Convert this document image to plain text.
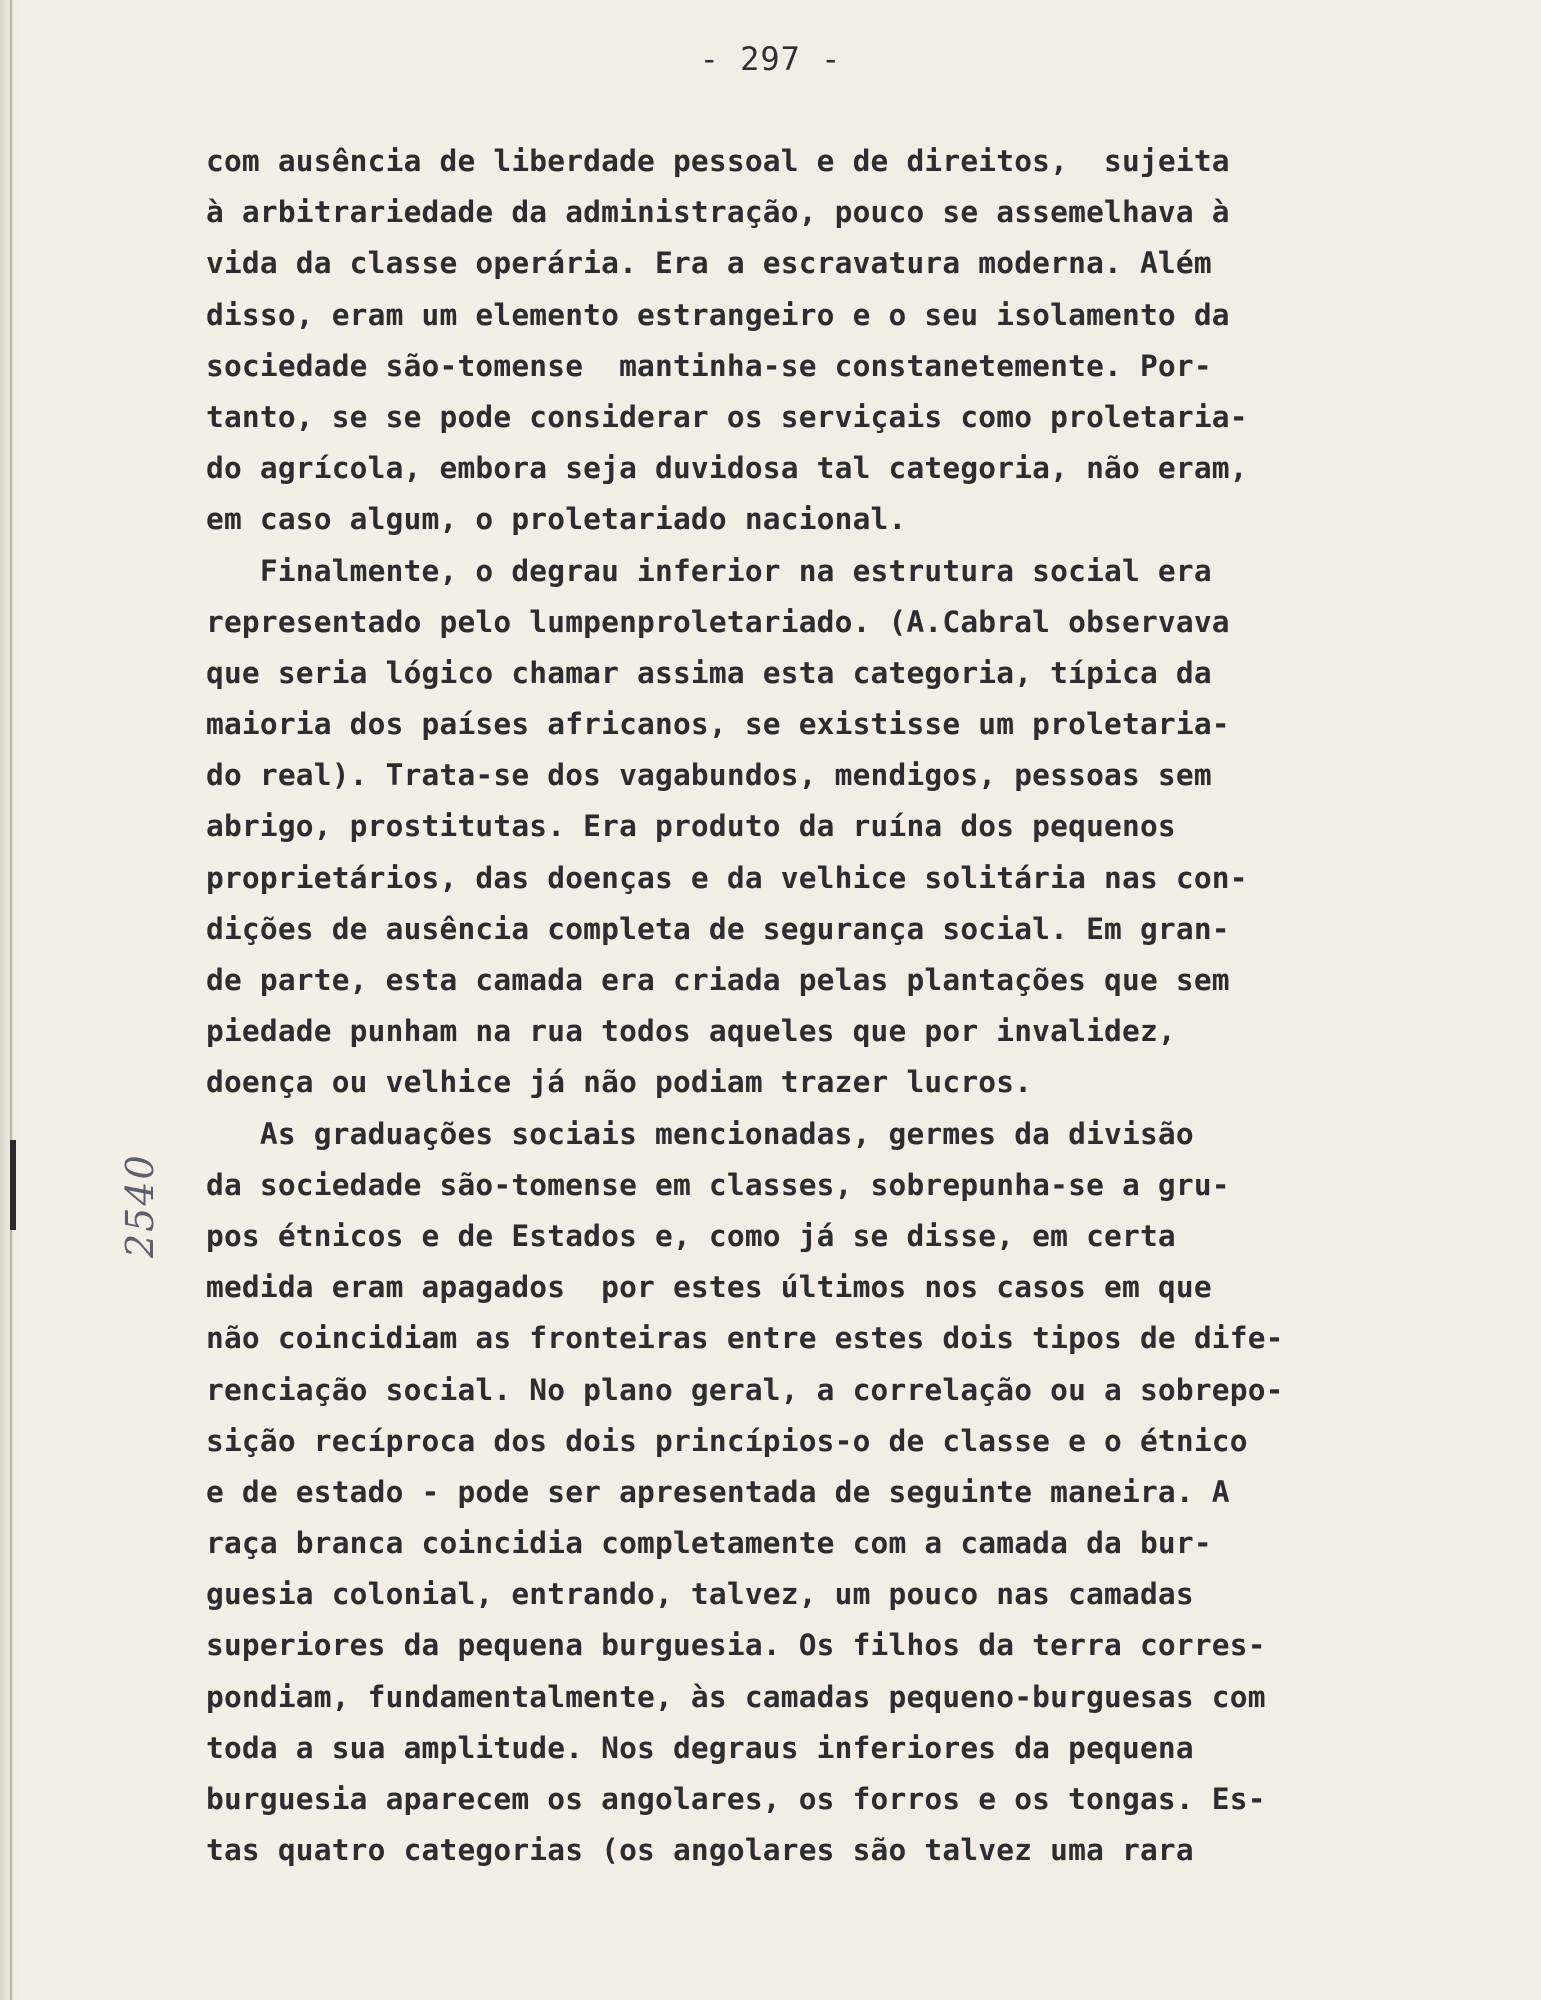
- 297 -
2540
com ausência de liberdade pessoal e de direitos,  sujeita
à arbitrariedade da administração, pouco se assemelhava à
vida da classe operária. Era a escravatura moderna. Além
disso, eram um elemento estrangeiro e o seu isolamento da
sociedade são-tomense  mantinha-se constanetemente. Por-
tanto, se se pode considerar os serviçais como proletaria-
do agrícola, embora seja duvidosa tal categoria, não eram,
em caso algum, o proletariado nacional.
Finalmente, o degrau inferior na estrutura social era
representado pelo lumpenproletariado. (A.Cabral observava
que seria lógico chamar assima esta categoria, típica da
maioria dos países africanos, se existisse um proletaria-
do real). Trata-se dos vagabundos, mendigos, pessoas sem
abrigo, prostitutas. Era produto da ruína dos pequenos
proprietários, das doenças e da velhice solitária nas con-
dições de ausência completa de segurança social. Em gran-
de parte, esta camada era criada pelas plantações que sem
piedade punham na rua todos aqueles que por invalidez,
doença ou velhice já não podiam trazer lucros.
As graduações sociais mencionadas, germes da divisão
da sociedade são-tomense em classes, sobrepunha-se a gru-
pos étnicos e de Estados e, como já se disse, em certa
medida eram apagados  por estes últimos nos casos em que
não coincidiam as fronteiras entre estes dois tipos de dife-
renciação social. No plano geral, a correlação ou a sobrepo-
sição recíproca dos dois princípios-o de classe e o étnico
e de estado - pode ser apresentada de seguinte maneira. A
raça branca coincidia completamente com a camada da bur-
guesia colonial, entrando, talvez, um pouco nas camadas
superiores da pequena burguesia. Os filhos da terra corres-
pondiam, fundamentalmente, às camadas pequeno-burguesas com
toda a sua amplitude. Nos degraus inferiores da pequena
burguesia aparecem os angolares, os forros e os tongas. Es-
tas quatro categorias (os angolares são talvez uma rara
